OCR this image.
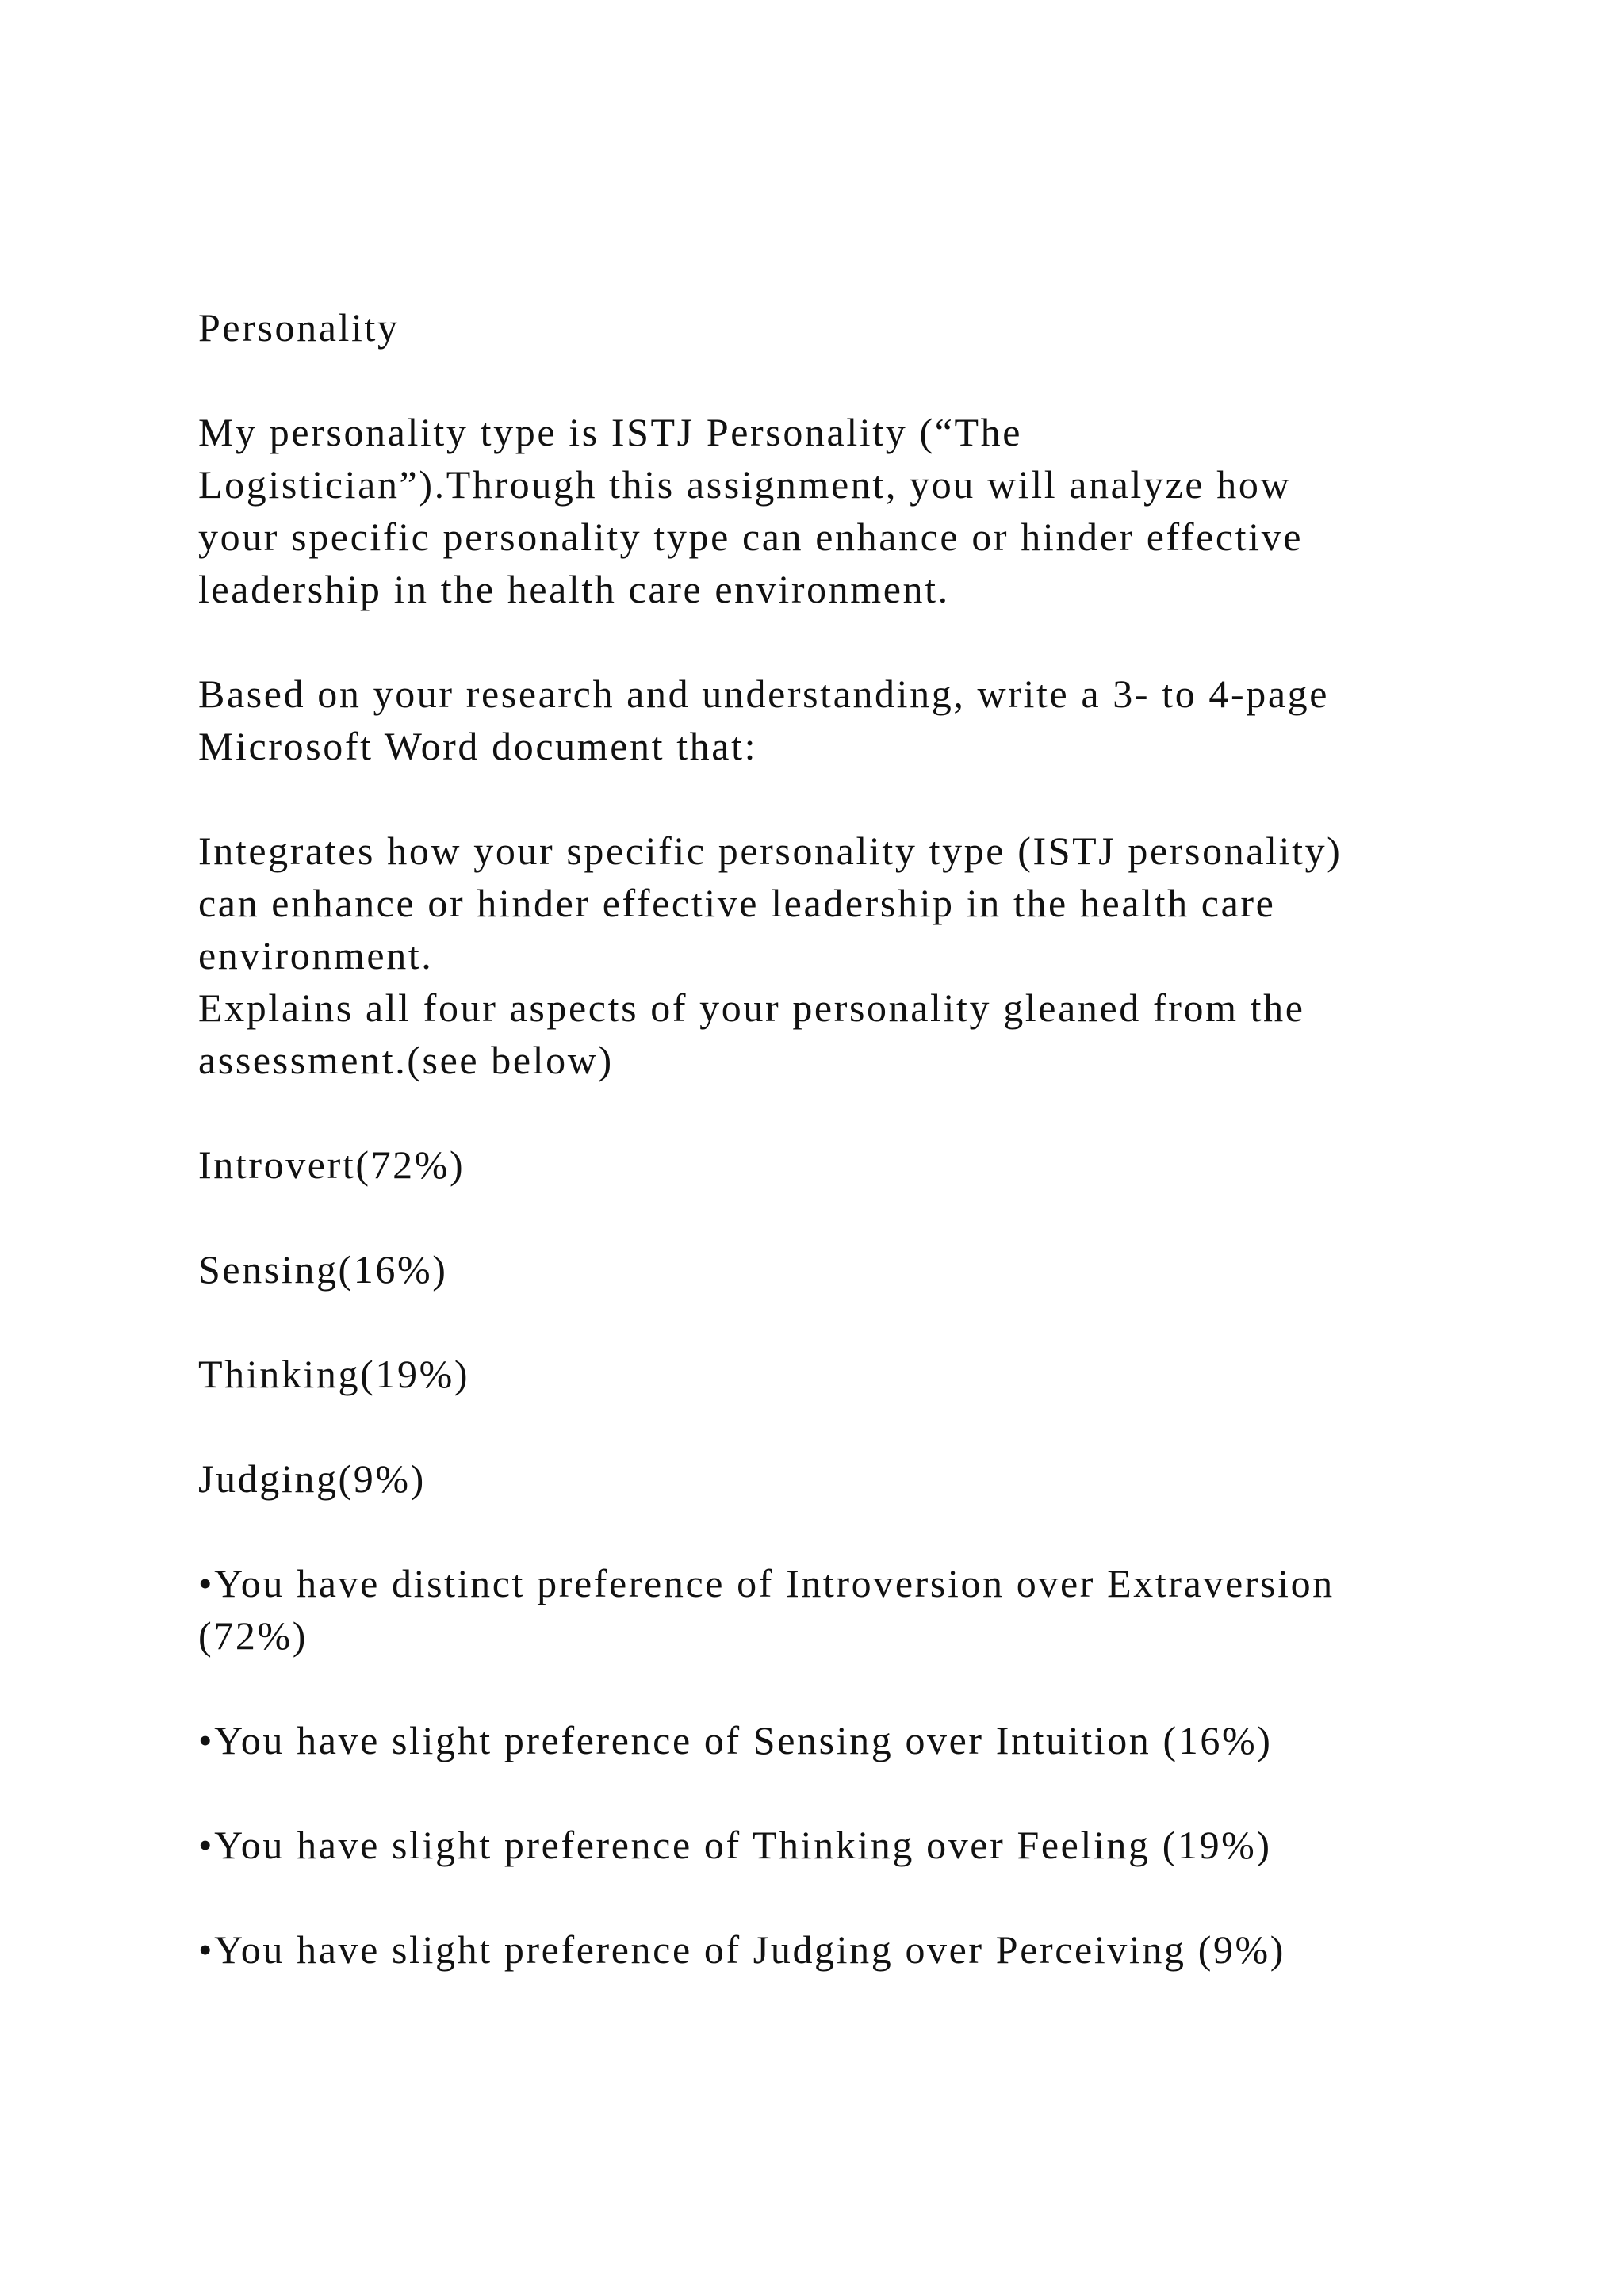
Personality

My personality type is ISTJ Personality (“The
Logistician”).Through this assignment, you will analyze how
your specific personality type can enhance or hinder effective
leadership in the health care environment.

Based on your research and understanding, write a 3- to 4-page
Microsoft Word document that:

Integrates how your specific personality type (ISTJ personality)
can enhance or hinder effective leadership in the health care
environment.

Explains all four aspects of your personality gleaned from the
assessment.(see below)

Introvert(72%)

Sensing(16%)

Thinking(19%)

Judging(9%)

•You have distinct preference of Introversion over Extraversion
(72%)

•You have slight preference of Sensing over Intuition (16%)

•You have slight preference of Thinking over Feeling (19%)

•You have slight preference of Judging over Perceiving (9%)
